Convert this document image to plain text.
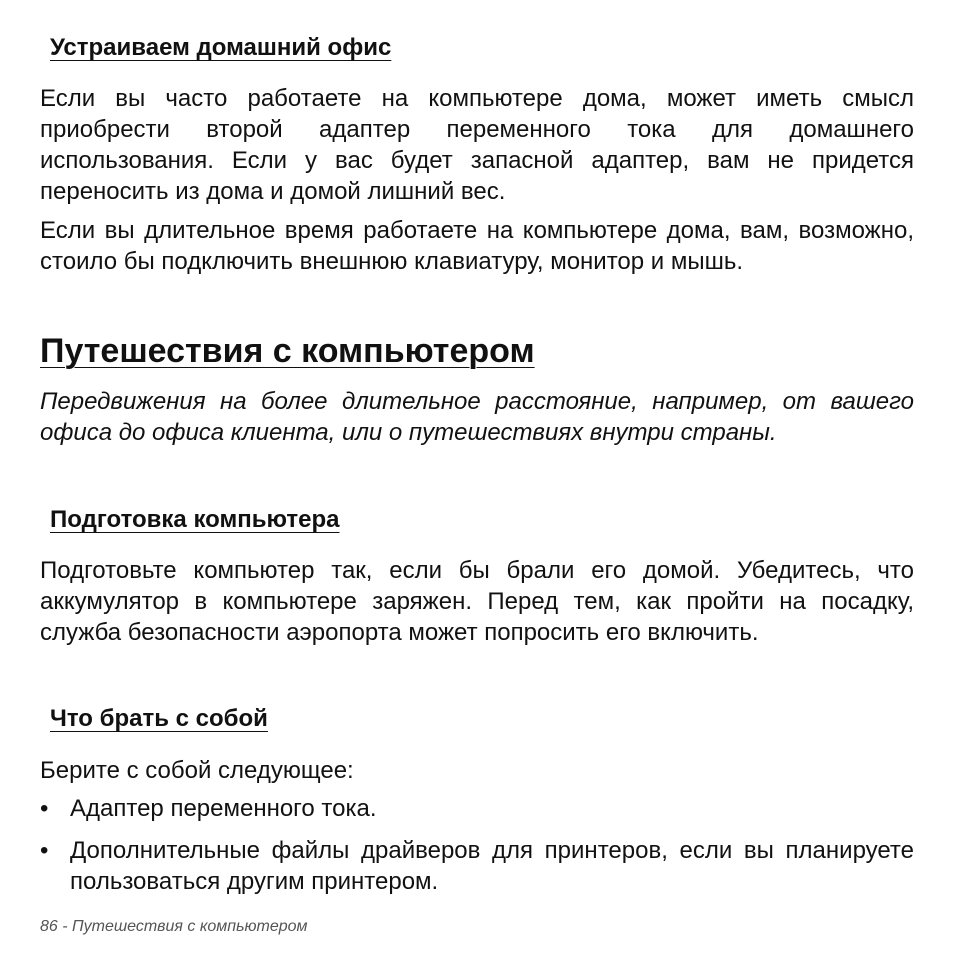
Устраиваем домашний офис

Если вы часто работаете на компьютере дома, может иметь смысл приобрести второй адаптер переменного тока для домашнего использования. Если у вас будет запасной адаптер, вам не придется переносить из дома и домой лишний вес.

Если вы длительное время работаете на компьютере дома, вам, возможно, стоило бы подключить внешнюю клавиатуру, монитор и мышь.

Путешествия с компьютером

Передвижения на более длительное расстояние, например, от вашего офиса до офиса клиента, или о путешествиях внутри страны.

Подготовка компьютера

Подготовьте компьютер так, если бы брали его домой. Убедитесь, что аккумулятор в компьютере заряжен. Перед тем, как пройти на посадку, служба безопасности аэропорта может попросить его включить.

Что брать с собой

Берите с собой следующее:

• Адаптер переменного тока.
• Дополнительные файлы драйверов для принтеров, если вы планируете пользоваться другим принтером.
86 - Путешествия с компьютером
